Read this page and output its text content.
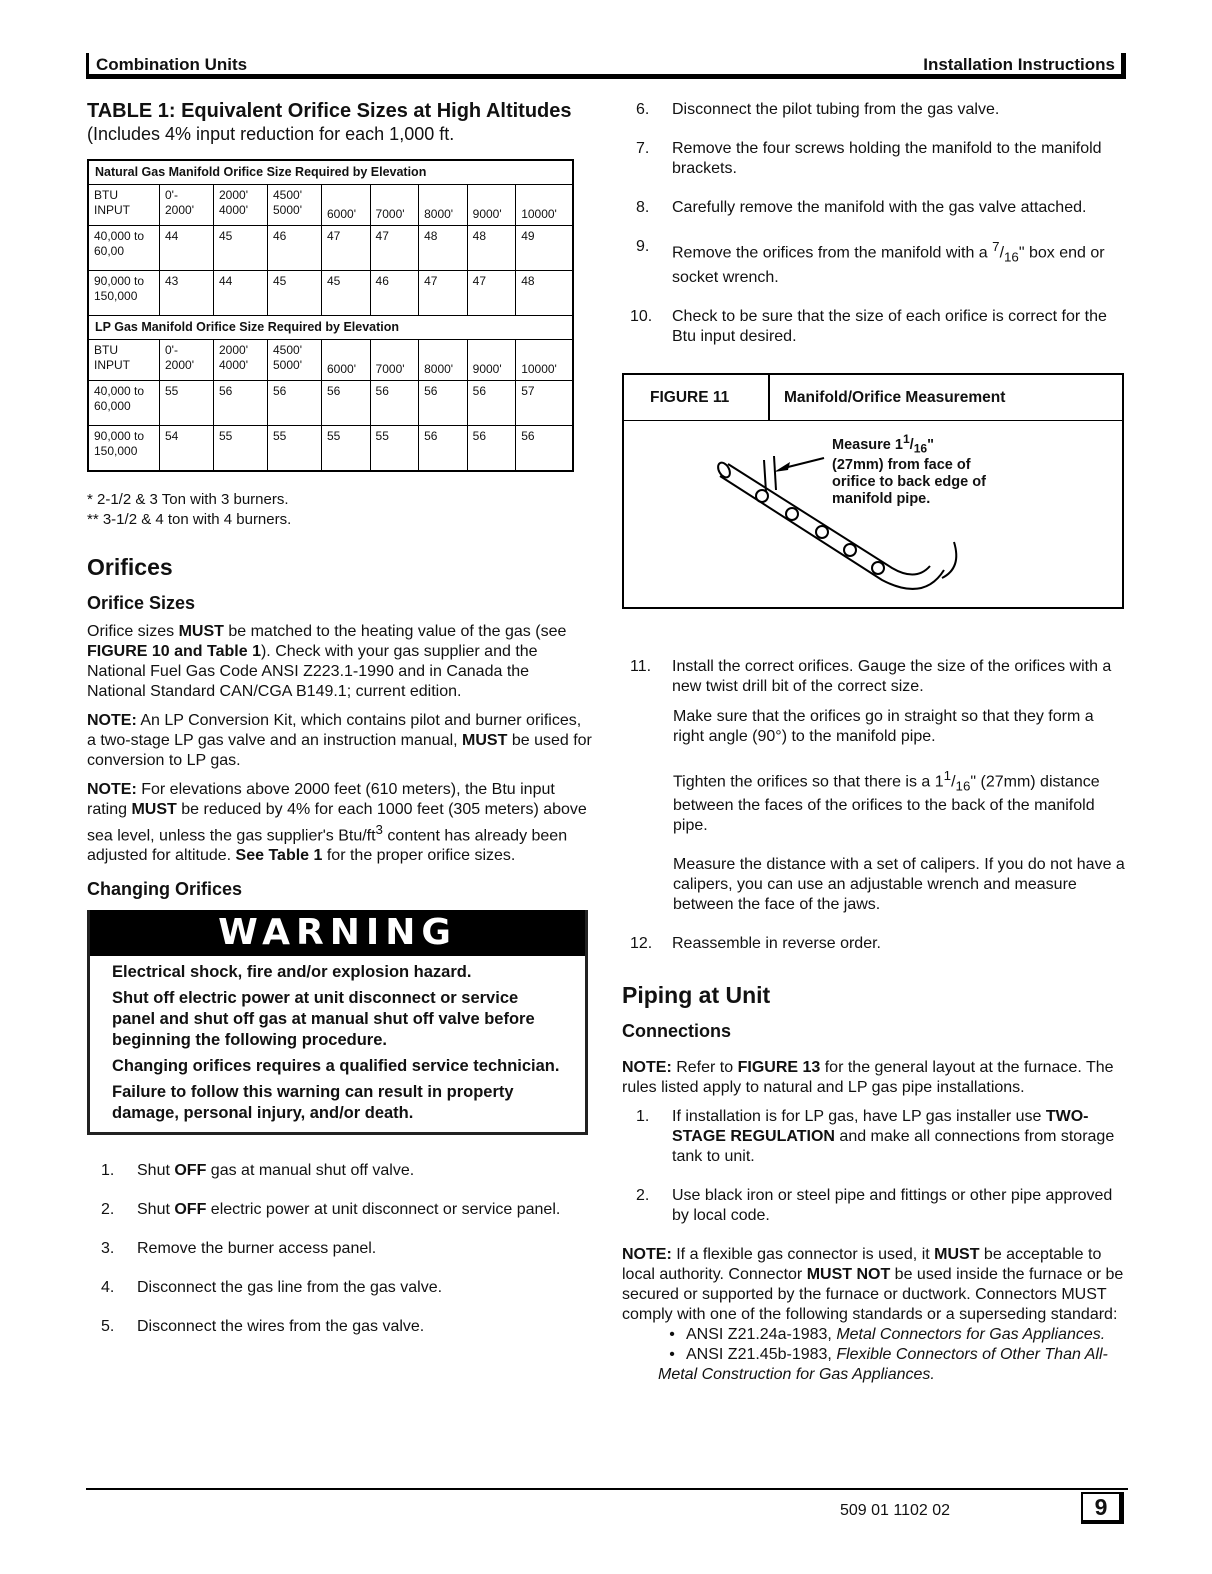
Combination Units	Installation Instructions
TABLE 1: Equivalent Orifice Sizes at High Altitudes
(Includes 4% input reduction for each 1,000 ft.
Natural Gas Manifold Orifice Size Required by Elevation								
BTU INPUT	0'- 2000'	2000' 4000'	4500' 5000'	6000'	7000'	8000'	9000'	10000'
40,000 to 60,00	44	45	46	47	47	48	48	49
90,000 to 150,000	43	44	45	45	46	47	47	48
LP Gas Manifold Orifice Size Required by Elevation								
BTU INPUT	0'- 2000'	2000' 4000'	4500' 5000'	6000'	7000'	8000'	9000'	10000'
40,000 to 60,000	55	56	56	56	56	56	56	57
90,000 to 150,000	54	55	55	55	55	56	56	56
* 2-1/2 & 3 Ton with 3 burners.
** 3-1/2 & 4 ton with 4 burners.
Orifices
Orifice Sizes

Orifice sizes MUST be matched to the heating value of the gas (see FIGURE 10 and Table 1). Check with your gas supplier and the National Fuel Gas Code ANSI Z223.1-1990 and in Canada the National Standard CAN/CGA B149.1; current edition.

NOTE: An LP Conversion Kit, which contains pilot and burner orifices, a two-stage LP gas valve and an instruction manual, MUST be used for conversion to LP gas.

NOTE: For elevations above 2000 feet (610 meters), the Btu input rating MUST be reduced by 4% for each 1000 feet (305 meters) above sea level, unless the gas supplier's Btu/$ft^3$ content has already been adjusted for altitude. See Table 1 for the proper orifice sizes.

Changing Orifices
WARNING

Electrical shock, fire and/or explosion hazard.

Shut off electric power at unit disconnect or service panel and shut off gas at manual shut off valve before beginning the following procedure.

Changing orifices requires a qualified service technician.

Failure to follow this warning can result in property damage, personal injury, and/or death.

1.	Shut OFF gas at manual shut off valve.
2.	Shut OFF electric power at unit disconnect or service panel.
3.	Remove the burner access panel.
4.	Disconnect the gas line from the gas valve.
5.	Disconnect the wires from the gas valve.
6.	Disconnect the pilot tubing from the gas valve.
7.	Remove the four screws holding the manifold to the manifold brackets.
8.	Carefully remove the manifold with the gas valve attached.
9.	Remove the orifices from the manifold with a $^7/_{16}$" box end or socket wrench.
10.	Check to be sure that the size of each orifice is correct for the Btu input desired.
FIGURE 11	Manifold/Orifice Measurement
Measure $1^1/_{16}$"
(27mm) from face of orifice to back edge of manifold pipe.
11.	Install the correct orifices. Gauge the size of the orifices with a new twist drill bit of the correct size.

Make sure that the orifices go in straight so that they form a right angle (90°) to the manifold pipe.

Tighten the orifices so that there is a $1^1/_{16}$" (27mm) distance between the faces of the orifices to the back of the manifold pipe.

Measure the distance with a set of calipers. If you do not have a calipers, you can use an adjustable wrench and measure between the face of the jaws.

12.	Reassemble in reverse order.
Piping at Unit
Connections

NOTE: Refer to FIGURE 13 for the general layout at the furnace. The rules listed apply to natural and LP gas pipe installations.

1.	If installation is for LP gas, have LP gas installer use TWO-STAGE REGULATION and make all connections from storage tank to unit.
2.	Use black iron or steel pipe and fittings or other pipe approved by local code.

NOTE: If a flexible gas connector is used, it MUST be acceptable to local authority. Connector MUST NOT be used inside the furnace or be secured or supported by the furnace or ductwork. Connectors MUST comply with one of the following standards or a superseding standard:

• ANSI Z21.24a-1983, Metal Connectors for Gas Appliances.
• ANSI Z21.45b-1983, Flexible Connectors of Other Than All-Metal Construction for Gas Appliances.
509 01 1102 02	9
